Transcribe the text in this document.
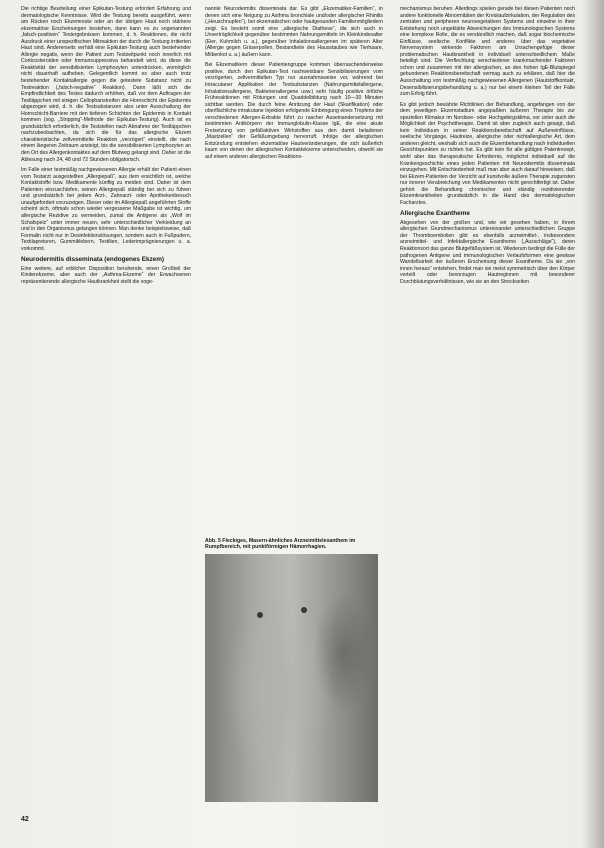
Die richtige Beurteilung einer Epikutan-Testung erfordert Erfahrung und dermatologische Kenntnisse. Wird die Testung bereits ausgeführt, wenn am Rücken noch Ekzemreste oder an der übrigen Haut noch stärkere ekzematöse Erscheinungen bestehen, dann kann es zu sogenannten „falsch-positiven“ Testergebnissen kommen, d. h. Reaktionen, die nicht Ausdruck einer unspezifischen Mitreaktion der durch die Testung irritierten Haut sind. Andererseits verhält eine Epikutan-Testung auch bestehender Allergie negativ, wenn der Patient zum Testzeitpunkt noch innerlich mit Corticosteroiden oder Immunsuppressiva behandelt wird, da diese die Reaktivität der sensibilisierten Lymphozyten unterdrücken, womöglich nicht dauerhaft aufheben. Gelegentlich kommt es aber auch trotz bestehender Kontaktallergie gegen die getestete Substanz nicht zu Testreaktion („falsch-negative“ Reaktion). Dann läßt sich die Empfindlichkeit des Testes dadurch erhöhen, daß vor dem Auftragen der Testläppchen mit einigen Cellophanstreifen die Hornschicht der Epidermis abgezogen wird, d. h. die Testsubstanzen also unter Ausschaltung der Hornschicht-Barriere mit den tieferen Schichten der Epidermis in Kontakt kommen (sog. „Stripping“-Methode der Epikutan-Testung). Auch ist es grundsätzlich erforderlich, die Teststellen nach Abnahme der Testläppchen nachzubeobachten, da sich die für das allergische Ekzem charakteristische zellvermittelte Reaktion „verzögert“ einstellt, die nach einem längeren Zeitraum ansteigt, bis die sensibilisierten Lymphozyten an den Ort des Allergenkontaktes auf dem Blutweg gelangt sind. Daher ist die Ablesung nach 24, 48 und 72 Stunden obligatorisch.

Im Falle einer testmäßig nachgewiesenen Allergie erhält der Patient einen vom Testarzt ausgestellten „Allergiepaß“, aus dem ersichtlich ist, welche Kontaktstoffe bzw. Medikamente künftig zu meiden sind. Daher ist dem Patienten einzuschärfen, seinen Allergiepaß ständig bei sich zu führen und grundsätzlich bei jedem Arzt-, Zahnarzt- oder Apothekenbesuch unaufgefordert vorzuzeigen. Dieser oder im Allergiepaß angeführten Stoffe scheint sich, oftmals schon wieder vergessene Maßgabe ist wichtig, um allergische Rezidive zu vermeiden, zumal die Antigene als „Wolf im Schafspelz“ unter immer neuen, sehr unterschiedlicher Verkleidung an und in den Organismus gelangen können. Man denke beispielsweise, daß Formalin nicht nur in Desinfektionslösungen, sondern auch in Fußpudern, Textilapreturen, Gummiklebern, Textilien, Lederimprägnierungen u. a. vorkommt.

Neurodermitis disseminata (endogenes Ekzem)

Eine weitere, auf erblicher Disposition beruhende, einen Großteil der Kinderekzeme, aber auch der „Asthma-Ekzeme“ der Erwachsenen repräsentierende allergische Hautkrankheit stellt die soge-

nannte Neurodermitis disseminata dar. Es gibt „Ekzematiker-Familien“, in denen sich eine Neigung zu Asthma bronchiale und/oder allergischer Rhinitis („Heuschnupfen“), bei ekzematischen oder hautgesunden Familienmitgliedern zeigt. Es besteht somit eine „allergische Diathese“, die sich auch in Unverträglichkeit gegenüber bestimmten Nahrungsmitteln im Kleinkindesalter (Eier, Kuhmilch u. a.), gegenüber Inhalationsallergenen im späteren Alter (Allergie gegen Gräserpollen, Bestandteile des Hausstaubes wie Tierhaare, Milbenkot u. a.) äußern kann.

Bei Ekzematikern dieser Patientengruppe kommen überraschenderweise positive, durch den Epikutan-Test nachweisbare Sensibilisierungen vom verzögerten, zellvermittelten Typ nur ausnahmsweise vor, während bei Intracutaner Applikation der Testsubstanzen (Nahrungsmittelallergene, Inhalationsallergene, Bakterienallergene usw.) sehr häufig positive örtliche Frühreaktionen mit Rötungen und Quaddelbildung nach 10—30 Minuten sichtbar werden. Die durch feine Anritzung der Haut (Skarifikation) oder oberflächliche intrakutane Injektion erfolgende Einbringung eines Tropfens der verschiedenen Allergen-Extrakte führt zu rascher Auseinandersetzung mit bestimmten Antikörpern der Immunglobulin-Klasse IgE, die eine akute Freisetzung von gefäßaktiven Wirkstoffen aus den damit beladenen „Mastzellen“ der Gefäßumgebung hervorruft. Infolge der allergischen Entzündung entstehen ekzematöse Hautveränderungen, die sich äußerlich kaum von denen der allergischen Kontaktekzeme unterscheiden, obwohl sie auf einem anderen allergischen Reaktions-

Abb. 5 Fleckiges, Masern-ähnliches Arzneimittelexanthem im Rumpfbereich, mit punktförmigen Hämorrhagien.

mechanismus beruhen. Allerdings spielen gerade bei diesen Patienten noch andere funktionelle Abnormitäten der Kreislaufzirkulation, der Regulation des zentralen und peripheren neurovegetativen Systems und einzelne in ihrer Entstehung noch ungeklärte Abweichungen des Immunologischen Systems eine komplexe Rolle, die es verständlich machen, daß sogar biochemische Einflüsse, seelische Konflikte und anderes über das vegetative Nervensystem wirkende Faktoren am Ursachengefüge dieser problematischen Hautkrankheit in individuell unterschiedlichem Maße beteiligt sind. Die Verflechtung verschiedener krankmachender Faktoren schon und zusammen mit der allergischen, an den hohen IgE-Blutspiegel gebundenen Reaktionsbereitschaft vermag auch zu erklären, daß hier die Ausschaltung von testmäßig nachgewiesenen Allergenen (Hautstoffkontakt, Desensibilisierungsbehandlung u. a.) nur bei einem kleinen Teil der Fälle zum Erfolg führt.

Es gibt jedoch bewährte Richtlinien der Behandlung, angefangen von der dem jeweiligen Ekzemstadium angepaßten äußeren Therapie bis zur speziellen Klimakur im Nordsee- oder Hochgebirgsklima, vor unter auch die Möglichkeit der Psychotherapie. Damit ist aber zugleich auch gesagt, daß kein Individuum in seiner Reaktionsbereitschaft auf Außeneinflüsse, seelische Vorgänge, Hautreize, allergische oder nichtallergische Art, dem anderen gleicht, weshalb sich auch die Ekzembehandlung nach individuellen Gesichtspunkten zu richten hat. Es gibt kein für alle gültiges Patentrezept, wohl aber das therapeutische Erfordernis, möglichst individuell auf die Krankengeschichte eines jeden Patienten mit Neurodermitis disseminata einzugehen. Mit Entschiedenheit muß man aber auch darauf hinweisen, daß bei Ekzem-Patienten der Verzicht auf kunstvolle äußere Therapie zugunsten nur innerer Verabreichung von Medikamenten nicht gerechtfertigt ist. Daher gehört die Behandlung chronischer und ständig rezidivierender Ekzemkrankheiten grundsätzlich in die Hand des dermatologischen Facharztes.

Allergische Exantheme

Abgesehen von der großen und, wie wir gesehen haben, in ihrem allergischen Grundmechanismus untereinander unterschiedlichen Gruppe der Thromboembolien gibt es ebenfalls arzneimittel-, insbesondere arzneimittel- und Infektallergische Exantheme („Ausschläge“), deren Reaktionsort das ganze Blutgefäßsystem ist. Wiederum bedingt die Fülle der pathogenen Antigene und immunologischen Verlaufsformen eine gewisse Wandelbarkeit der äußeren Erscheinung dieser Exantheme. Da sie „von innen heraus“ entstehen, findet man sie meist symmetrisch über den Körper verteilt oder bevorzugen Hautregionen mit besonderer Durchblutungsverhältnissen, wie sie an den Streckseiten

42
